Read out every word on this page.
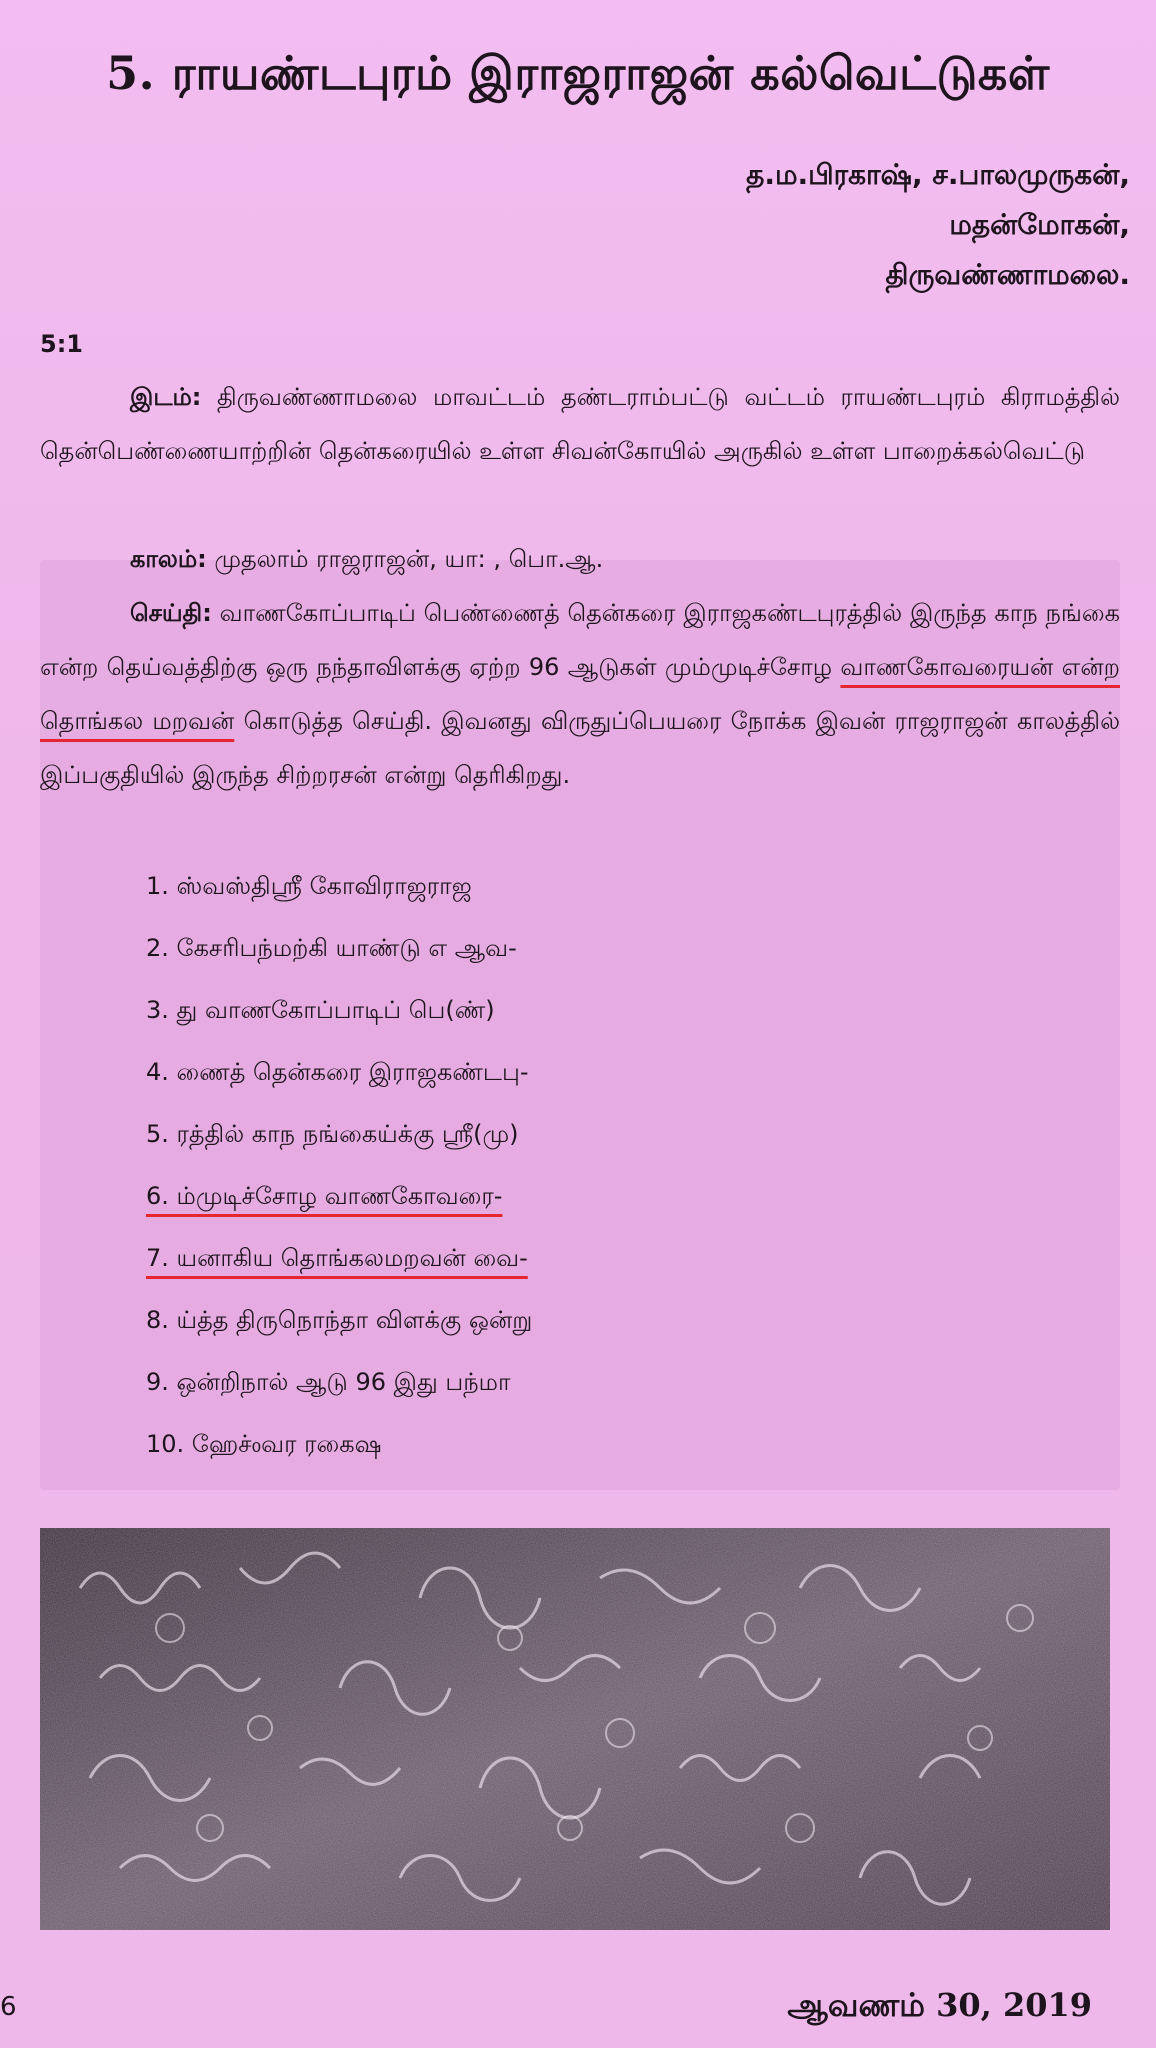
5. ராயண்டபுரம் இராஜராஜன் கல்வெட்டுகள்
த.ம.பிரகாஷ், ச.பாலமுருகன்,
மதன்மோகன்,
திருவண்ணாமலை.
5:1
இடம்: திருவண்ணாமலை மாவட்டம் தண்டராம்பட்டு வட்டம் ராயண்டபுரம் கிராமத்தில் தென்பெண்ணையாற்றின் தென்கரையில் உள்ள சிவன்கோயில் அருகில் உள்ள பாறைக்கல்வெட்டு
காலம்: முதலாம் ராஜராஜன், யா: , பொ.ஆ.
செய்தி: வாணகோப்பாடிப் பெண்ணைத் தென்கரை இராஜகண்டபுரத்தில் இருந்த காந நங்கை என்ற தெய்வத்திற்கு ஒரு நந்தாவிளக்கு ஏற்ற 96 ஆடுகள் மும்முடிச்சோழ வாணகோவரையன் என்ற தொங்கல மறவன் கொடுத்த செய்தி. இவனது விருதுப்பெயரை நோக்க இவன் ராஜராஜன் காலத்தில் இப்பகுதியில் இருந்த சிற்றரசன் என்று தெரிகிறது.
1. ஸ்வஸ்திஸ்ரீ கோவிராஜராஜ
2. கேசரிபந்மற்கி யாண்டு எ ஆவ-
3. து வாணகோப்பாடிப் பெ(ண்)
4. ணைத் தென்கரை இராஜகண்டபு-
5. ரத்தில் காந நங்கைய்க்கு ஸ்ரீ(மு)
6. ம்முடிச்சோழ வாணகோவரை-
7. யனாகிய தொங்கலமறவன் வை-
8. ய்த்த திருநொந்தா விளக்கு ஒன்று
9. ஒன்றிநால் ஆடு 96 இது பந்மா
10. ஹேச்₀வர ரகைஷ
6	ஆவணம் 30, 2019
